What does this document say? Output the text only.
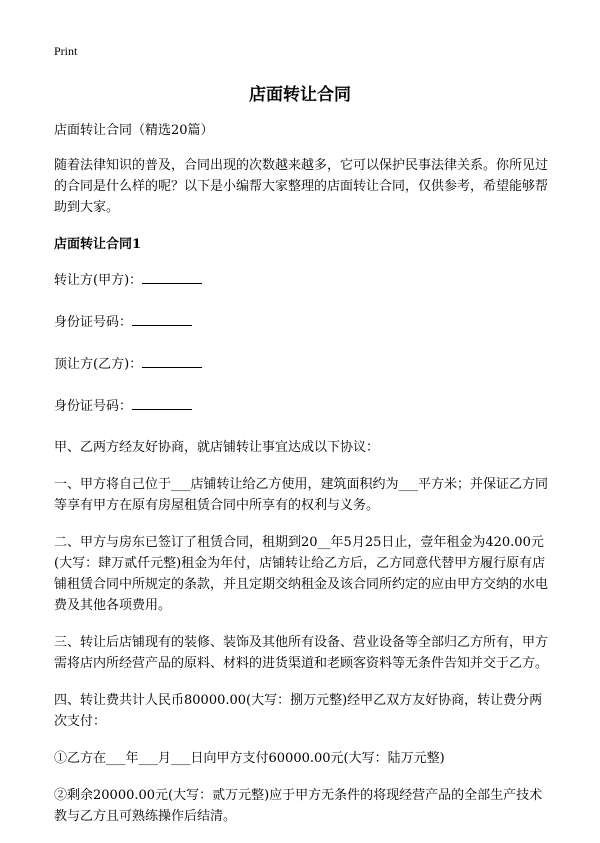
Print
店面转让合同

店面转让合同（精选20篇）

随着法律知识的普及，合同出现的次数越来越多，它可以保护民事法律关系。你所见过的合同是什么样的呢？以下是小编帮大家整理的店面转让合同，仅供参考，希望能够帮助到大家。

店面转让合同1

转让方(甲方)：

身份证号码：

顶让方(乙方)：

身份证号码：

甲、乙两方经友好协商，就店铺转让事宜达成以下协议：

一、甲方将自己位于___店铺转让给乙方使用，建筑面积约为___平方米；并保证乙方同等享有甲方在原有房屋租赁合同中所享有的权利与义务。

二、甲方与房东已签订了租赁合同，租期到20__年5月25日止，壹年租金为420.00元(大写：肆万贰仟元整)租金为年付，店铺转让给乙方后，乙方同意代替甲方履行原有店铺租赁合同中所规定的条款，并且定期交纳租金及该合同所约定的应由甲方交纳的水电费及其他各项费用。

三、转让后店铺现有的装修、装饰及其他所有设备、营业设备等全部归乙方所有，甲方需将店内所经营产品的原料、材料的进货渠道和老顾客资料等无条件告知并交于乙方。

四、转让费共计人民币80000.00(大写：捌万元整)经甲乙双方友好协商，转让费分两次支付：

①乙方在___年___月___日向甲方支付60000.00元(大写：陆万元整)

②剩余20000.00元(大写：贰万元整)应于甲方无条件的将现经营产品的全部生产技术教与乙方且可熟练操作后结清。
